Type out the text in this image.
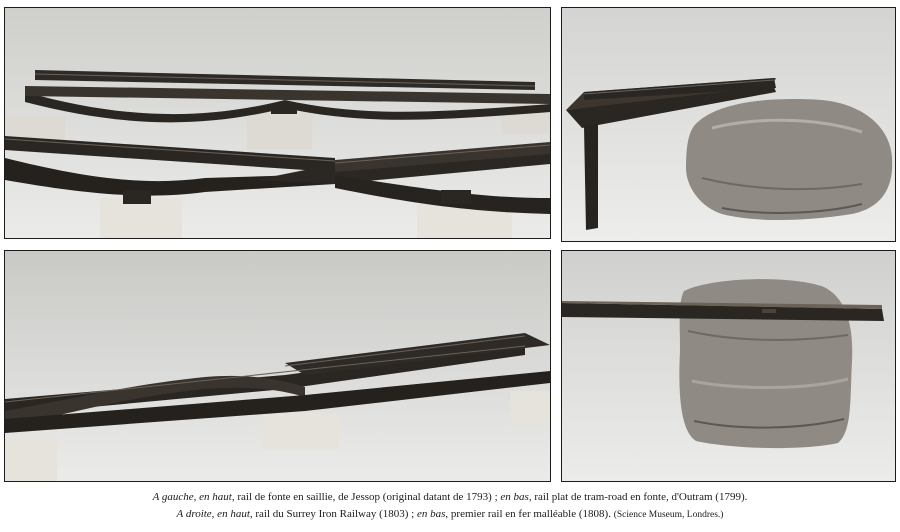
A gauche, en haut, rail de fonte en saillie, de Jessop (original datant de 1793) ; en bas, rail plat de tram-road en fonte, d'Outram (1799).
A droite, en haut, rail du Surrey Iron Railway (1803) ; en bas, premier rail en fer malléable (1808). (Science Museum, Londres.)
